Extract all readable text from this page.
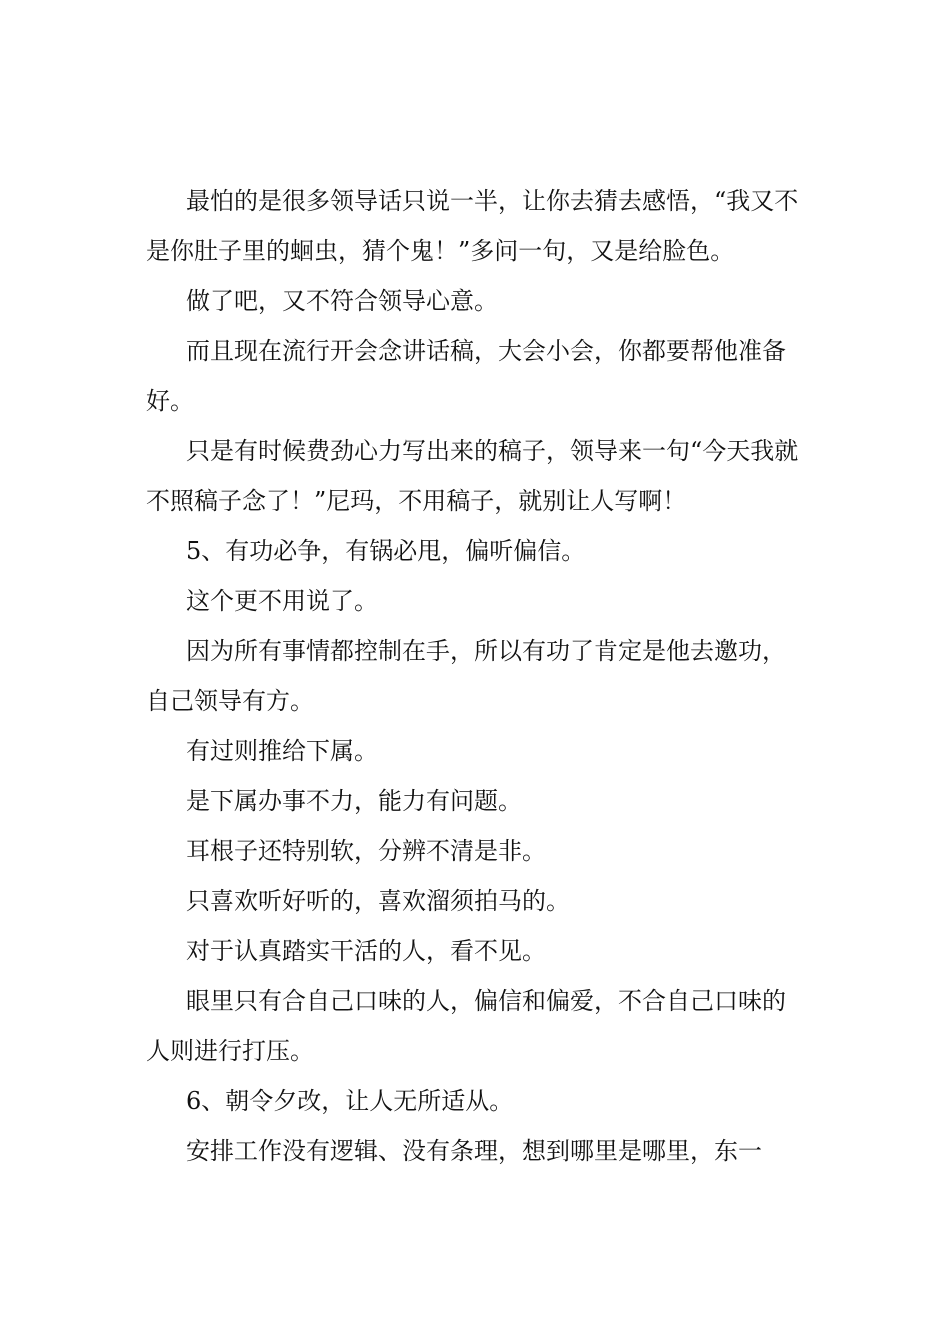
最怕的是很多领导话只说一半，让你去猜去感悟，“我又不是你肚子里的蛔虫，猜个鬼！”多问一句，又是给脸色。

做了吧，又不符合领导心意。

而且现在流行开会念讲话稿，大会小会，你都要帮他准备好。

只是有时候费劲心力写出来的稿子，领导来一句“今天我就不照稿子念了！”尼玛，不用稿子，就别让人写啊！

5、有功必争，有锅必甩，偏听偏信。

这个更不用说了。

因为所有事情都控制在手，所以有功了肯定是他去邀功，自己领导有方。

有过则推给下属。

是下属办事不力，能力有问题。

耳根子还特别软，分辨不清是非。

只喜欢听好听的，喜欢溜须拍马的。

对于认真踏实干活的人，看不见。

眼里只有合自己口味的人，偏信和偏爱，不合自己口味的人则进行打压。

6、朝令夕改，让人无所适从。

安排工作没有逻辑、没有条理，想到哪里是哪里，东一
